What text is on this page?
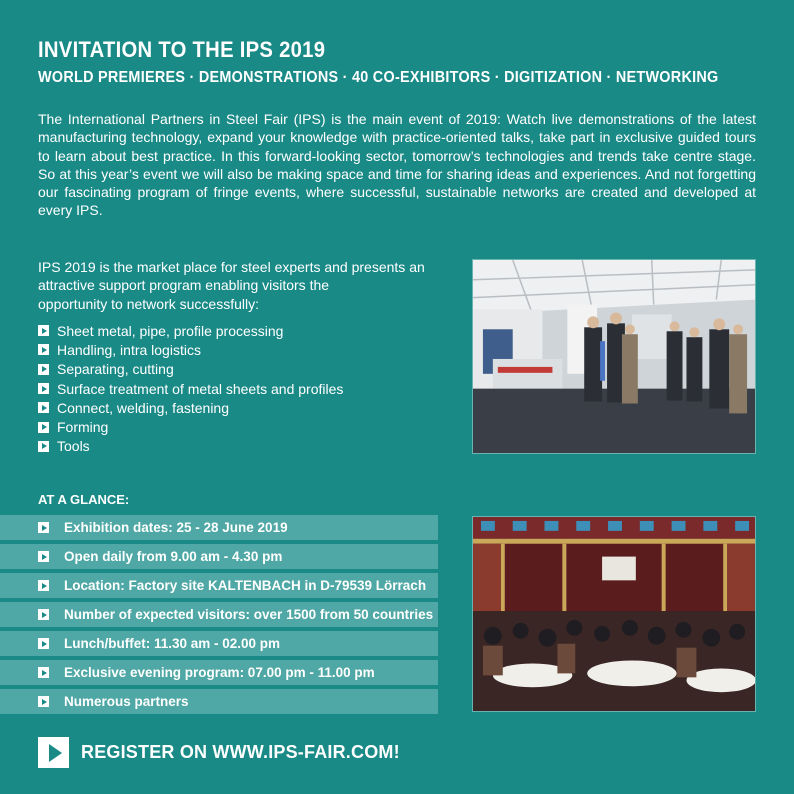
INVITATION TO THE IPS 2019
WORLD PREMIERES · DEMONSTRATIONS · 40 CO-EXHIBITORS · DIGITIZATION · NETWORKING

The International Partners in Steel Fair (IPS) is the main event of 2019: Watch live demonstrations of the latest manufacturing technology, expand your knowledge with practice-oriented talks, take part in exclusive guided tours to learn about best practice. In this forward-looking sector, tomorrow’s technologies and trends take centre stage. So at this year’s event we will also be making space and time for sharing ideas and experiences. And not forgetting our fascinating program of fringe events, where successful, sustainable networks are created and developed at every IPS.

IPS 2019 is the market place for steel experts and presents an
attractive support program enabling visitors the
opportunity to network successfully:
Sheet metal, pipe, profile processing
Handling, intra logistics
Separating, cutting
Surface treatment of metal sheets and profiles
Connect, welding, fastening
Forming
Tools
AT A GLANCE:
Exhibition dates: 25 - 28 June 2019
Open daily from 9.00 am - 4.30 pm
Location: Factory site KALTENBACH in D-79539 Lörrach
Number of expected visitors: over 1500 from 50 countries
Lunch/buffet: 11.30 am - 02.00 pm
Exclusive evening program: 07.00 pm - 11.00 pm
Numerous partners
REGISTER ON WWW.IPS-FAIR.COM!
